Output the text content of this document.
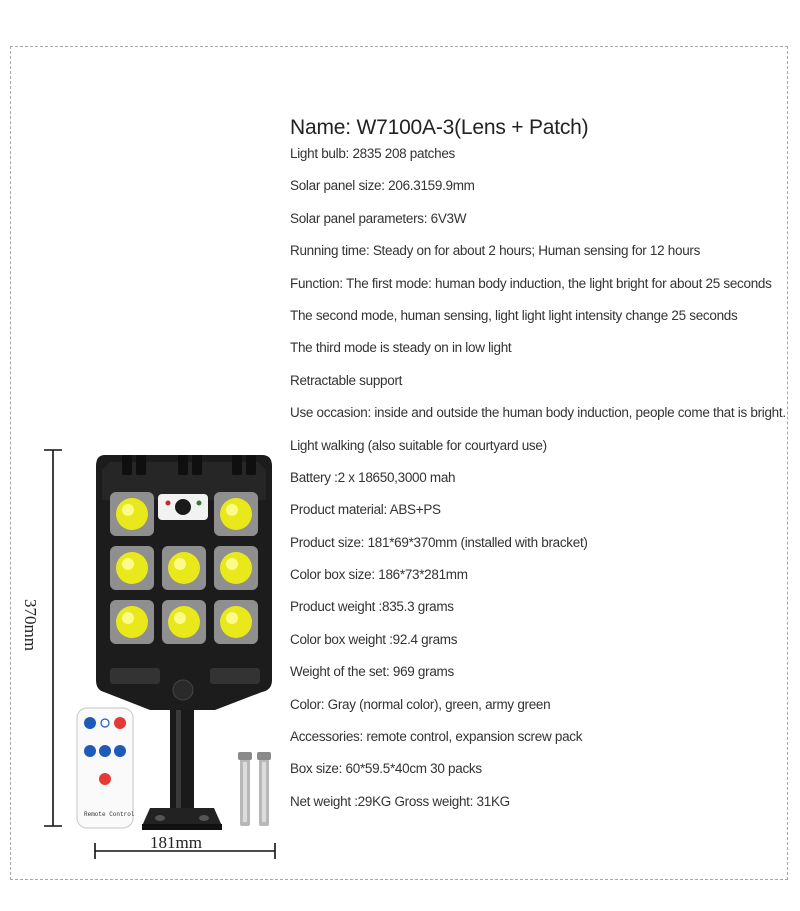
Name: W7100A-3(Lens + Patch)
Light bulb: 2835 208 patches
Solar panel size: 206.3159.9mm
Solar panel parameters: 6V3W
Running time: Steady on for about 2 hours; Human sensing for 12 hours
Function: The first mode: human body induction, the light bright for about 25 seconds
The second mode, human sensing, light light light intensity change 25 seconds
The third mode is steady on in low light
Retractable support
Use occasion: inside and outside the human body induction, people come that is bright.
Light walking (also suitable for courtyard use)
Battery :2 x 18650,3000 mah
Product material: ABS+PS
Product size: 181*69*370mm (installed with bracket)
Color box size: 186*73*281mm
Product weight :835.3 grams
Color box weight :92.4 grams
Weight of the set: 969 grams
Color: Gray (normal color), green, army green
Accessories: remote control, expansion screw pack
Box size: 60*59.5*40cm 30 packs
Net weight :29KG Gross weight: 31KG
370mm
181mm
Remote Control
